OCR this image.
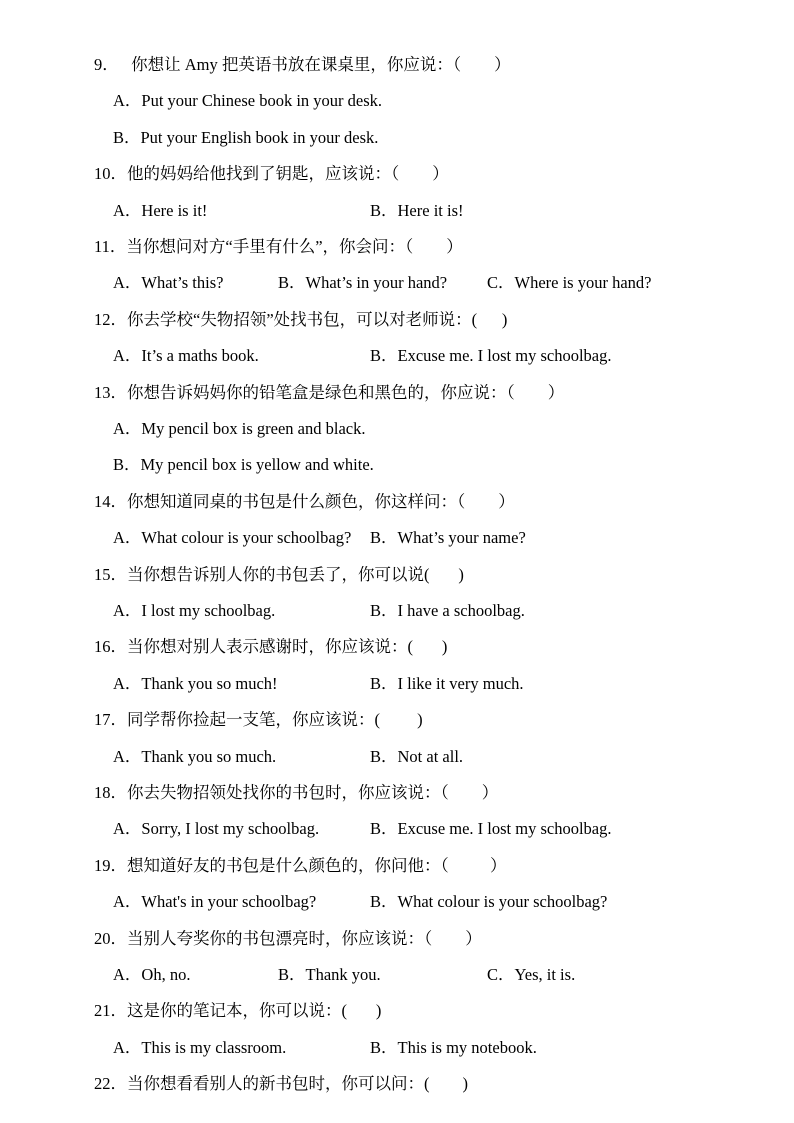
9．   你想让 Amy 把英语书放在课桌里，你应说：（        ）
A．Put your Chinese book in your desk.
B．Put your English book in your desk.
10．他的妈妈给他找到了钥匙，应该说：（        ）
A．Here is it!	B．Here it is!
11．当你想问对方“手里有什么”，你会问：（        ）
A．What’s this?	B．What’s in your hand? C．Where is your hand?
12．你去学校“失物招领”处找书包，可以对老师说：(      )
A．It’s a maths book.	B．Excuse me. I lost my schoolbag.
13．你想告诉妈妈你的铅笔盒是绿色和黑色的，你应说：（        ）
A．My pencil box is green and black.
B．My pencil box is yellow and white.
14．你想知道同桌的书包是什么颜色，你这样问：（        ）
A．What colour is your schoolbag? B．What’s your name?
15．当你想告诉别人你的书包丢了，你可以说(       )
A．I lost my schoolbag.	B．I have a schoolbag.
16．当你想对别人表示感谢时，你应该说：(       )
A．Thank you so much!	B．I like it very much.
17．同学帮你捡起一支笔，你应该说：(         )
A．Thank you so much.	B．Not at all.
18．你去失物招领处找你的书包时，你应该说：（        ）
A．Sorry, I lost my schoolbag.	B．Excuse me. I lost my schoolbag.
19．想知道好友的书包是什么颜色的，你问他：（          ）
A．What's in your schoolbag?	B．What colour is your schoolbag?
20．当别人夸奖你的书包漂亮时，你应该说：（        ）
A．Oh, no.	B．Thank you.	C．Yes, it is.
21．这是你的笔记本，你可以说：(       )
A．This is my classroom.	B．This is my notebook.
22．当你想看看别人的新书包时，你可以问：(        )
